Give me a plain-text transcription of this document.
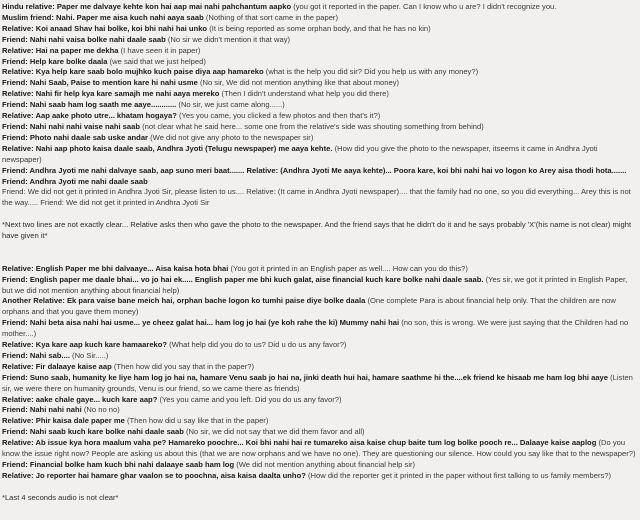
Hindu relative: Paper me dalvaye kehte kon hai aap mai nahi pahchantum aapko (you got it reported in the paper. Can I know who u are? I didn't recognize you.

Muslim friend: Nahi. Paper me aisa kuch nahi aaya saab (Nothing of that sort came in the paper)

Relative: Koi anaad Shav hai bolke, koi bhi nahi hai unko (It is being reported as some orphan body, and that he has no kin)

Friend: Nahi nahi vaisa bolke nahi daale saab (No sir we didn't mention it that way)

Relative: Hai na paper me dekha (I have seen it in paper)

Friend: Help kare bolke daala (we said that we just helped)

Relative: Kya help kare saab bolo mujhko kuch paise diya aap hamareko (what is the help you did sir? Did you help us with any money?)

Friend: Nahi Saab, Paise to mention kare hi nahi usme (No sir, We did not mention anything like that about money)

Relative: Nahi fir help kya kare samajh me nahi aaya mereko (Then I didn't understand what help you did there)

Friend: Nahi saab ham log saath me aaye............ (No sir, we just came along......)

Relative: Aap aake photo utre... khatam hogaya? (Yes you came, you clicked a few photos and then that's it?)

Friend: Nahi nahi nahi vaise nahi saab (not clear what he said here... some one from the relative's side was shouting something from behind)

Friend: Photo nahi daale sab uske andar (We did not give any photo to the newspaper sir)

Relative: Nahi aap photo kaisa daale saab, Andhra Jyoti (Telugu newspaper) me aaya kehte. (How did you give the photo to the newspaper, itseems it came in Andhra Jyoti newspaper)

Friend: Andhra Jyoti me nahi dalvaye saab, aap suno meri baat....... Relative: (Andhra Jyoti Me aaya kehte)... Poora kare, koi bhi nahi hai vo logon ko Arey aisa thodi hota....... Friend: Andhra Jyoti me nahi daale saab

Friend: We did not get it printed in Andhra Jyoti Sir, please listen to us.... Relative: (It came in Andhra Jyoti newspaper).... that the family had no one, so you did everything... Arey this is not the way..... Friend: We did not get it printed in Andhra Jyoti Sir

*Next two lines are not exactly clear... Relative asks then who gave the photo to the newspaper. And the friend says that he didn't do it and he says probably 'X'(his name is not clear) might have given it*

Relative: English Paper me bhi dalvaaye... Aisa kaisa hota bhai (You got it printed in an English paper as well.... How can you do this?)

Friend: English paper me daale bhai... vo jo hai ek..... English paper me bhi kuch galat, aise financial kuch kare bolke nahi daale saab. (Yes sir, we got it printed in English Paper, but we did not mention anything about financial help)

Another Relative: Ek para vaise bane meich hai, orphan bache logon ko tumhi paise diye bolke daala (One complete Para is about financial help only. That the children are now orphans and that you gave them money)

Friend: Nahi beta aisa nahi hai usme... ye cheez galat hai... ham log jo hai (ye koh rahe the ki) Mummy nahi hai (no son, this is wrong. We were just saying that the Children had no mother....)

Relative: Kya kare aap kuch kare hamaareko? (What help did you do to us? Did u do us any favor?)

Friend: Nahi sab.... (No Sir.....)

Relative: Fir dalaaye kaise aap (Then how did you say that in the paper?)

Friend: Suno saab, humanity ke liye ham log jo hai na, hamare Venu saab jo hai na, jinki death hui hai, hamare saathme hi the....ek friend ke hisaab me ham log bhi aaye (Listen sir, we were there on humanity grounds, Venu is our friend, so we came there as friends)

Relative: aake chale gaye... kuch kare aap? (Yes you came and you left. Did you do us any favor?)

Friend: Nahi nahi nahi (No no no)

Relative: Phir kaisa dale paper me (Then how did u say like that in the paper)

Friend: Nahi saab kuch kare bolke nahi daale saab (No sir, we did not say that we did them favor and all)

Relative: Ab issue kya hora maalum vaha pe? Hamareko poochre... Koi bhi nahi hai re tumareko aisa kaise chup baite tum log bolke pooch re... Dalaaye kaise aaplog (Do you know the issue right now? People are asking us about this (that we are now orphans and we have no one). They are questioning our silence. How could you say like that to the newspaper?)

Friend: Financial bolke ham kuch bhi nahi dalaaye saab ham log (We did not mention anything about financial help sir)

Relative: Jo reporter hai hamare ghar vaalon se to poochna, aisa kaisa daalta unho? (How did the reporter get it printed in the paper without first talking to us family members?)

*Last 4 seconds audio is not clear*
